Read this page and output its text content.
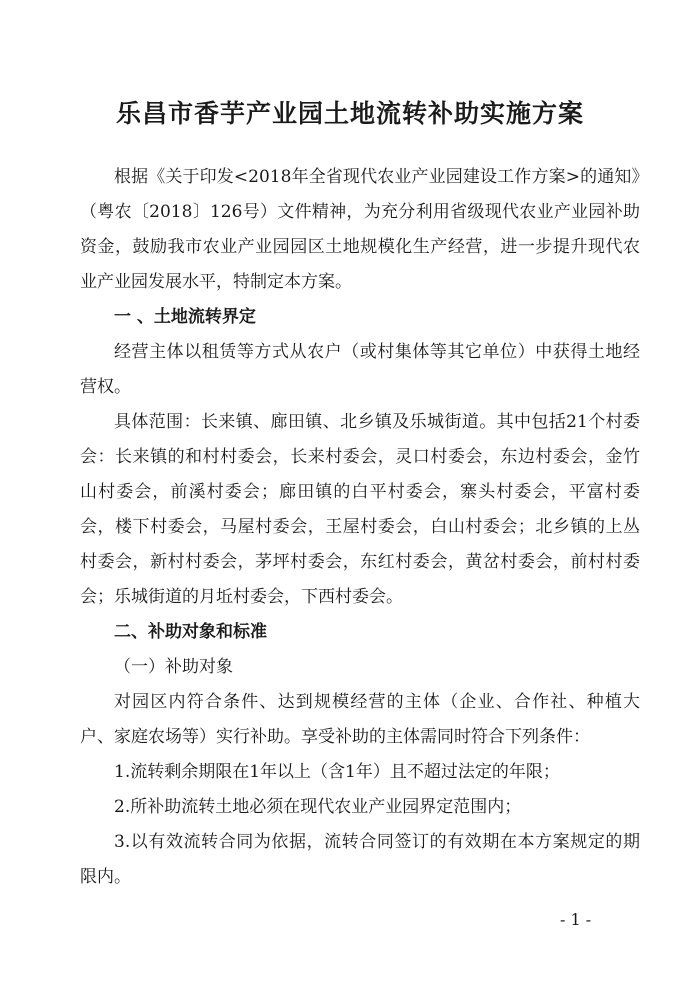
乐昌市香芋产业园土地流转补助实施方案

根据《关于印发<2018年全省现代农业产业园建设工作方案>的通知》（粤农〔2018〕126号）文件精神，为充分利用省级现代农业产业园补助资金，鼓励我市农业产业园园区土地规模化生产经营，进一步提升现代农业产业园发展水平，特制定本方案。

一 、土地流转界定

经营主体以租赁等方式从农户（或村集体等其它单位）中获得土地经营权。

具体范围：长来镇、廊田镇、北乡镇及乐城街道。其中包括21个村委会：长来镇的和村村委会，长来村委会，灵口村委会，东边村委会，金竹山村委会，前溪村委会；廊田镇的白平村委会，寨头村委会，平富村委会，楼下村委会，马屋村委会，王屋村委会，白山村委会；北乡镇的上丛村委会，新村村委会，茅坪村委会，东红村委会，黄岔村委会，前村村委会；乐城街道的月坵村委会，下西村委会。

二、补助对象和标准

（一）补助对象

对园区内符合条件、达到规模经营的主体（企业、合作社、种植大户、家庭农场等）实行补助。享受补助的主体需同时符合下列条件：

1.流转剩余期限在1年以上（含1年）且不超过法定的年限；

2.所补助流转土地必须在现代农业产业园界定范围内；

3.以有效流转合同为依据，流转合同签订的有效期在本方案规定的期限内。

- 1 -
